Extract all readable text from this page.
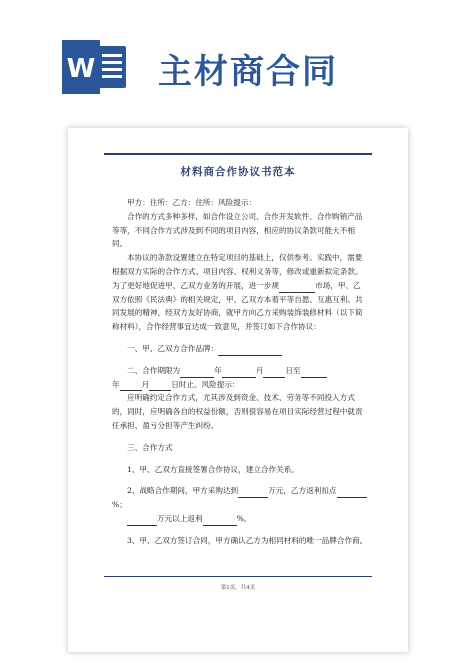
W 主材商合同
材料商合作协议书范本

甲方：住所：乙方：住所：风险提示：

合作的方式多种多样，如合作设立公司、合作开发软件、合作购销产品等等，不同合作方式涉及到不同的项目内容，相应的协议条款可能大不相同。

本协议的条款设置建立在特定项目的基础上，仅供参考。实践中，需要根据双方实际的合作方式、项目内容、权利义务等，修改或重新拟定条款。

为了更好地促进甲、乙双方业务的开展，进一步规	市场，甲、乙双方依照《民法典》的相关规定，甲、乙双方本着平等自愿、互惠互利、共同发展的精神，经双方友好协商，就甲方向乙方采购装饰装修材料（以下简称材料），合作经营事宜达成一致意见，并签订如下合作协议：

一、甲、乙双方合作品牌：

二、合作期限为	年	月	日至
年	月	日时止。风险提示：

应明确约定合作方式，尤其涉及到资金、技术、劳务等不同投入方式的，同时，应明确各自的权益份额，否则很容易在项目实际经营过程中就责任承担、盈亏分担等产生纠纷。

三、合作方式

1、甲、乙双方直接签署合作协议，建立合作关系。

2、战略合作期间，甲方采购达到	万元，乙方返利扣点%；
万元以上返利	%。

3、甲、乙双方签订合同，甲方确认乙方为相同材料的唯一品牌合作商。

第1页，共4页
